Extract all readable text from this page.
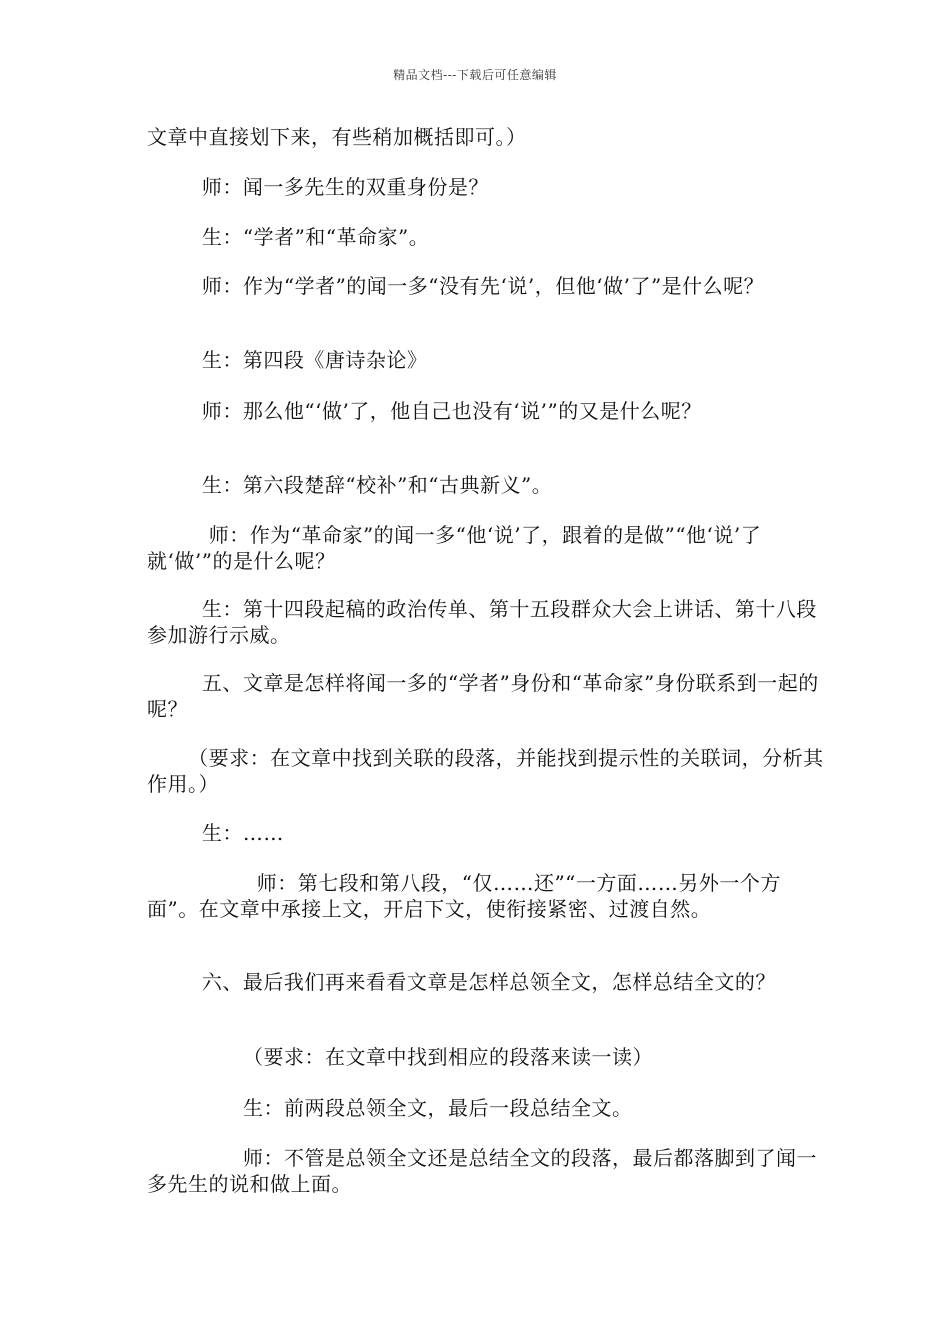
精品文档---下载后可任意编辑
文章中直接划下来，有些稍加概括即可。）
师：闻一多先生的双重身份是？
生：“学者”和“革命家”。
师：作为“学者”的闻一多“没有先‘说’，但他‘做’了”是什么呢？
生：第四段《唐诗杂论》
师：那么他“‘做’了，他自己也没有‘说’”的又是什么呢？
生：第六段楚辞“校补”和“古典新义”。
师：作为“革命家”的闻一多“他‘说’了，跟着的是做”“他‘说’了就‘做’”的是什么呢？
生：第十四段起稿的政治传单、第十五段群众大会上讲话、第十八段参加游行示威。
五、文章是怎样将闻一多的“学者”身份和“革命家”身份联系到一起的呢？
（要求：在文章中找到关联的段落，并能找到提示性的关联词，分析其作用。）
生：……
师：第七段和第八段，“仅……还”“一方面……另外一个方面”。在文章中承接上文，开启下文，使衔接紧密、过渡自然。
六、最后我们再来看看文章是怎样总领全文，怎样总结全文的？
（要求：在文章中找到相应的段落来读一读）
生：前两段总领全文，最后一段总结全文。
师：不管是总领全文还是总结全文的段落，最后都落脚到了闻一多先生的说和做上面。
